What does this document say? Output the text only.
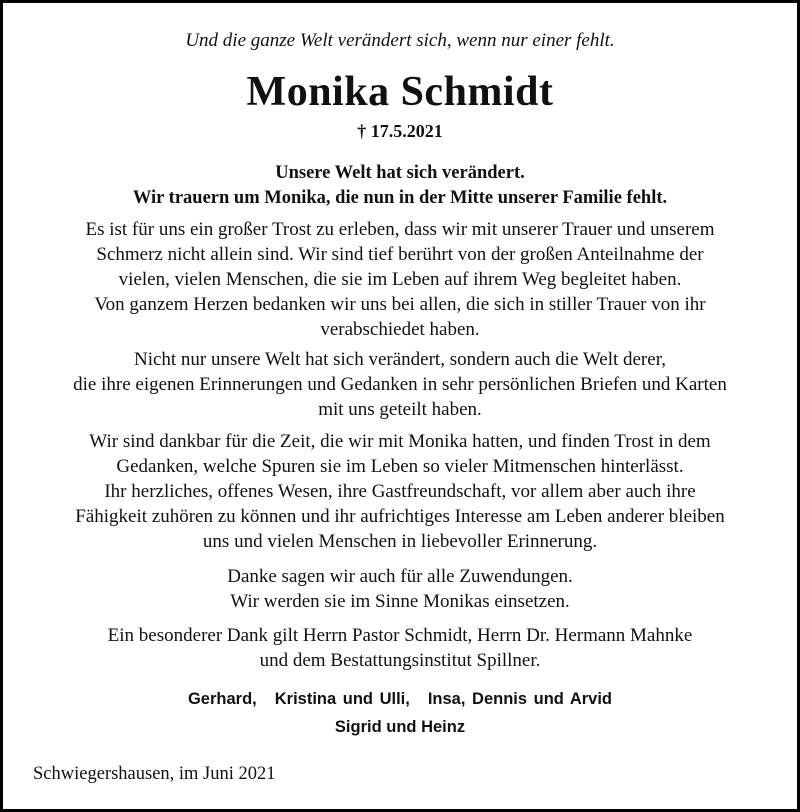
Und die ganze Welt verändert sich, wenn nur einer fehlt.
Monika Schmidt
† 17.5.2021
Unsere Welt hat sich verändert.
Wir trauern um Monika, die nun in der Mitte unserer Familie fehlt.
Es ist für uns ein großer Trost zu erleben, dass wir mit unserer Trauer und unserem
Schmerz nicht allein sind. Wir sind tief berührt von der großen Anteilnahme der
vielen, vielen Menschen, die sie im Leben auf ihrem Weg begleitet haben.
Von ganzem Herzen bedanken wir uns bei allen, die sich in stiller Trauer von ihr
verabschiedet haben.
Nicht nur unsere Welt hat sich verändert, sondern auch die Welt derer,
die ihre eigenen Erinnerungen und Gedanken in sehr persönlichen Briefen und Karten
mit uns geteilt haben.
Wir sind dankbar für die Zeit, die wir mit Monika hatten, und finden Trost in dem
Gedanken, welche Spuren sie im Leben so vieler Mitmenschen hinterlässt.
Ihr herzliches, offenes Wesen, ihre Gastfreundschaft, vor allem aber auch ihre
Fähigkeit zuhören zu können und ihr aufrichtiges Interesse am Leben anderer bleiben
uns und vielen Menschen in liebevoller Erinnerung.
Danke sagen wir auch für alle Zuwendungen.
Wir werden sie im Sinne Monikas einsetzen.
Ein besonderer Dank gilt Herrn Pastor Schmidt, Herrn Dr. Hermann Mahnke
und dem Bestattungsinstitut Spillner.
Gerhard, Kristina und Ulli, Insa, Dennis und Arvid
Sigrid und Heinz
Schwiegershausen, im Juni 2021
